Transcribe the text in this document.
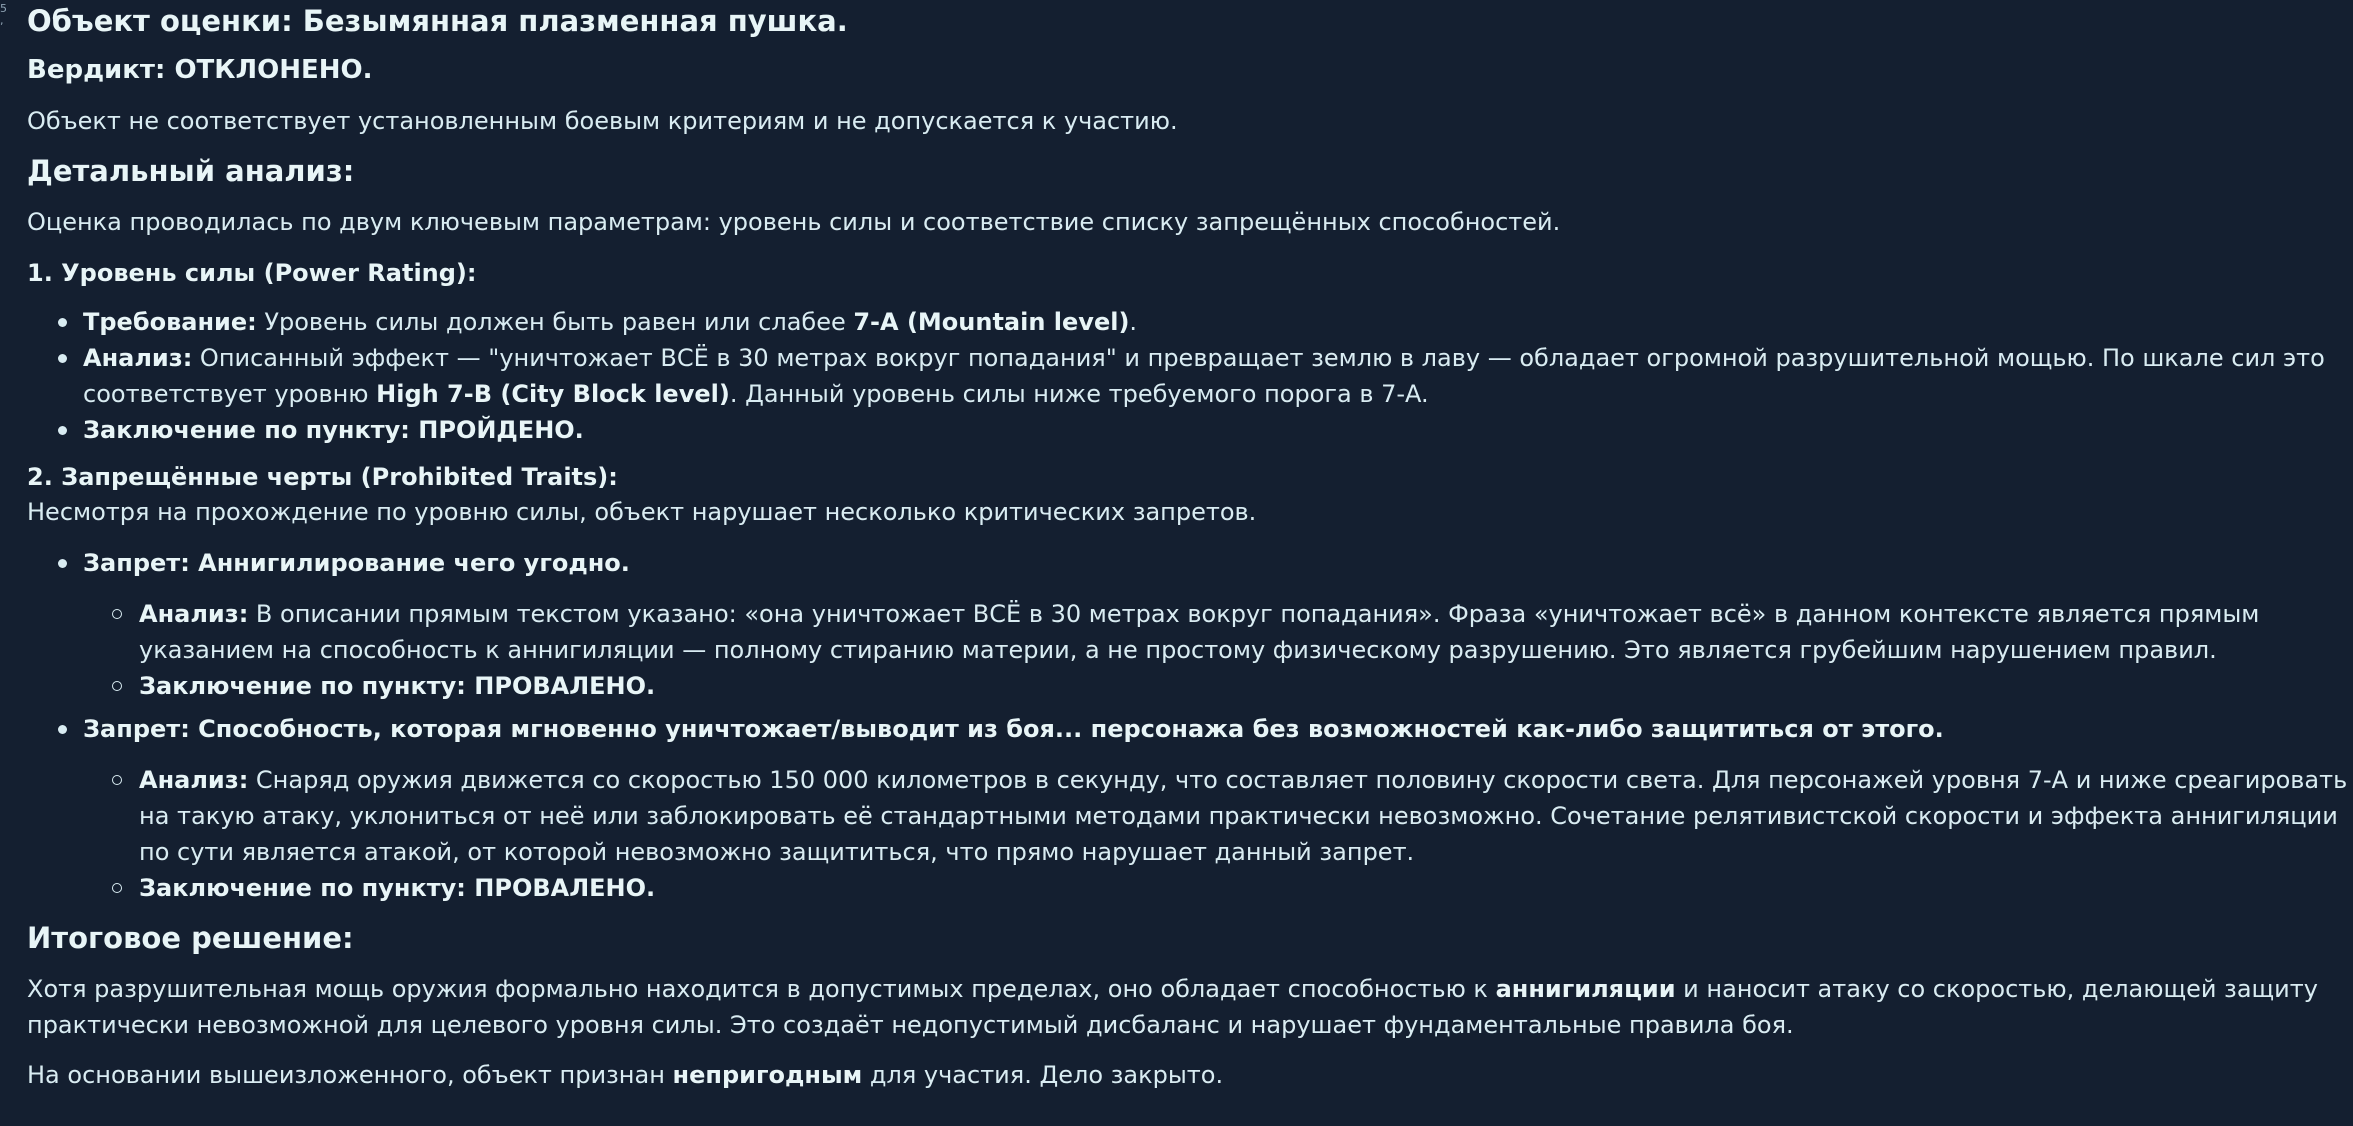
5 , Объект оценки: Безымянная плазменная пушка.
Вердикт: ОТКЛОНЕНО.

Объект не соответствует установленным боевым критериям и не допускается к участию.

Детальный анализ:

Оценка проводилась по двум ключевым параметрам: уровень силы и соответствие списку запрещённых способностей.

1. Уровень силы (Power Rating):

Требование: Уровень силы должен быть равен или слабее 7-A (Mountain level).
Анализ: Описанный эффект — "уничтожает ВСЁ в 30 метрах вокруг попадания" и превращает землю в лаву — обладает огромной разрушительной мощью. По шкале сил это соответствует уровню High 7-B (City Block level). Данный уровень силы ниже требуемого порога в 7-A.
Заключение по пункту: ПРОЙДЕНО.

2. Запрещённые черты (Prohibited Traits):

Несмотря на прохождение по уровню силы, объект нарушает несколько критических запретов.

Запрет: Аннигилирование чего угодно.
Анализ: В описании прямым текстом указано: «она уничтожает ВСЁ в 30 метрах вокруг попадания». Фраза «уничтожает всё» в данном контексте является прямым указанием на способность к аннигиляции — полному стиранию материи, а не простому физическому разрушению. Это является грубейшим нарушением правил.
Заключение по пункту: ПРОВАЛЕНО.
Запрет: Способность, которая мгновенно уничтожает/выводит из боя... персонажа без возможностей как-либо защититься от этого.
Анализ: Снаряд оружия движется со скоростью 150 000 километров в секунду, что составляет половину скорости света. Для персонажей уровня 7-A и ниже среагировать на такую атаку, уклониться от неё или заблокировать её стандартными методами практически невозможно. Сочетание релятивистской скорости и эффекта аннигиляции по сути является атакой, от которой невозможно защититься, что прямо нарушает данный запрет.
Заключение по пункту: ПРОВАЛЕНО.
Итоговое решение:

Хотя разрушительная мощь оружия формально находится в допустимых пределах, оно обладает способностью к аннигиляции и наносит атаку со скоростью, делающей защиту практически невозможной для целевого уровня силы. Это создаёт недопустимый дисбаланс и нарушает фундаментальные правила боя.

На основании вышеизложенного, объект признан непригодным для участия. Дело закрыто.
